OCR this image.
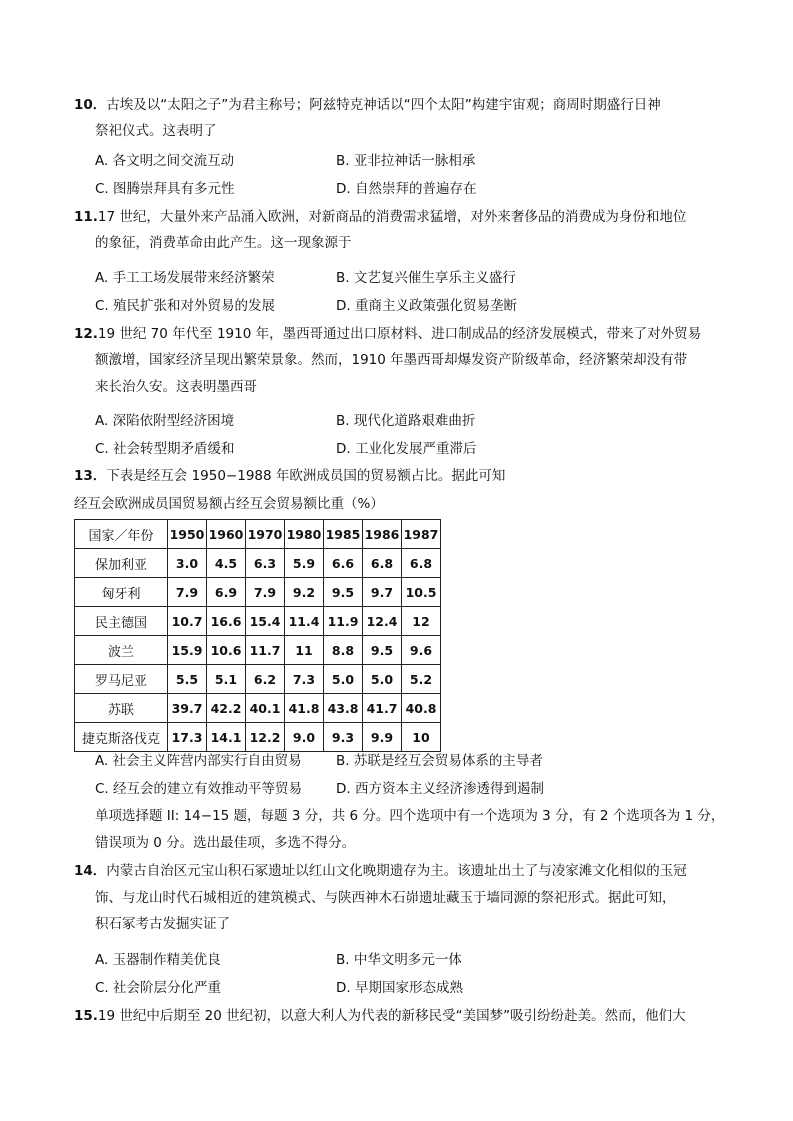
10．古埃及以“太阳之子”为君主称号；阿兹特克神话以“四个太阳”构建宇宙观；商周时期盛行日神
祭祀仪式。这表明了
A. 各文明之间交流互动	B. 亚非拉神话一脉相承
C. 图腾崇拜具有多元性	D. 自然崇拜的普遍存在
11.17 世纪，大量外来产品涌入欧洲，对新商品的消费需求猛增，对外来奢侈品的消费成为身份和地位
的象征，消费革命由此产生。这一现象源于
A. 手工工场发展带来经济繁荣	B. 文艺复兴催生享乐主义盛行
C. 殖民扩张和对外贸易的发展	D. 重商主义政策强化贸易垄断
12.19 世纪 70 年代至 1910 年，墨西哥通过出口原材料、进口制成品的经济发展模式，带来了对外贸易
额激增，国家经济呈现出繁荣景象。然而，1910 年墨西哥却爆发资产阶级革命，经济繁荣却没有带
来长治久安。这表明墨西哥
A. 深陷依附型经济困境	B. 现代化道路艰难曲折
C. 社会转型期矛盾缓和	D. 工业化发展严重滞后
13．下表是经互会 1950−1988 年欧洲成员国的贸易额占比。据此可知
经互会欧洲成员国贸易额占经互会贸易额比重（%）
国家／年份	1950	1960	1970	1980	1985	1986	1987
保加利亚	3.0	4.5	6.3	5.9	6.6	6.8	6.8
匈牙利	7.9	6.9	7.9	9.2	9.5	9.7	10.5
民主德国	10.7	16.6	15.4	11.4	11.9	12.4	12
波兰	15.9	10.6	11.7	11	8.8	9.5	9.6
罗马尼亚	5.5	5.1	6.2	7.3	5.0	5.0	5.2
苏联	39.7	42.2	40.1	41.8	43.8	41.7	40.8
捷克斯洛伐克	17.3	14.1	12.2	9.0	9.3	9.9	10
A. 社会主义阵营内部实行自由贸易	B. 苏联是经互会贸易体系的主导者
C. 经互会的建立有效推动平等贸易	D. 西方资本主义经济渗透得到遏制
单项选择题 II: 14−15 题，每题 3 分，共 6 分。四个选项中有一个选项为 3 分，有 2 个选项各为 1 分，
错误项为 0 分。选出最佳项，多选不得分。
14．内蒙古自治区元宝山积石冢遗址以红山文化晚期遗存为主。该遗址出土了与凌家滩文化相似的玉冠
饰、与龙山时代石城相近的建筑模式、与陕西神木石峁遗址藏玉于墙同源的祭祀形式。据此可知，
积石冢考古发掘实证了
A. 玉器制作精美优良	B. 中华文明多元一体
C. 社会阶层分化严重	D. 早期国家形态成熟
15.19 世纪中后期至 20 世纪初，以意大利人为代表的新移民受“美国梦”吸引纷纷赴美。然而，他们大
